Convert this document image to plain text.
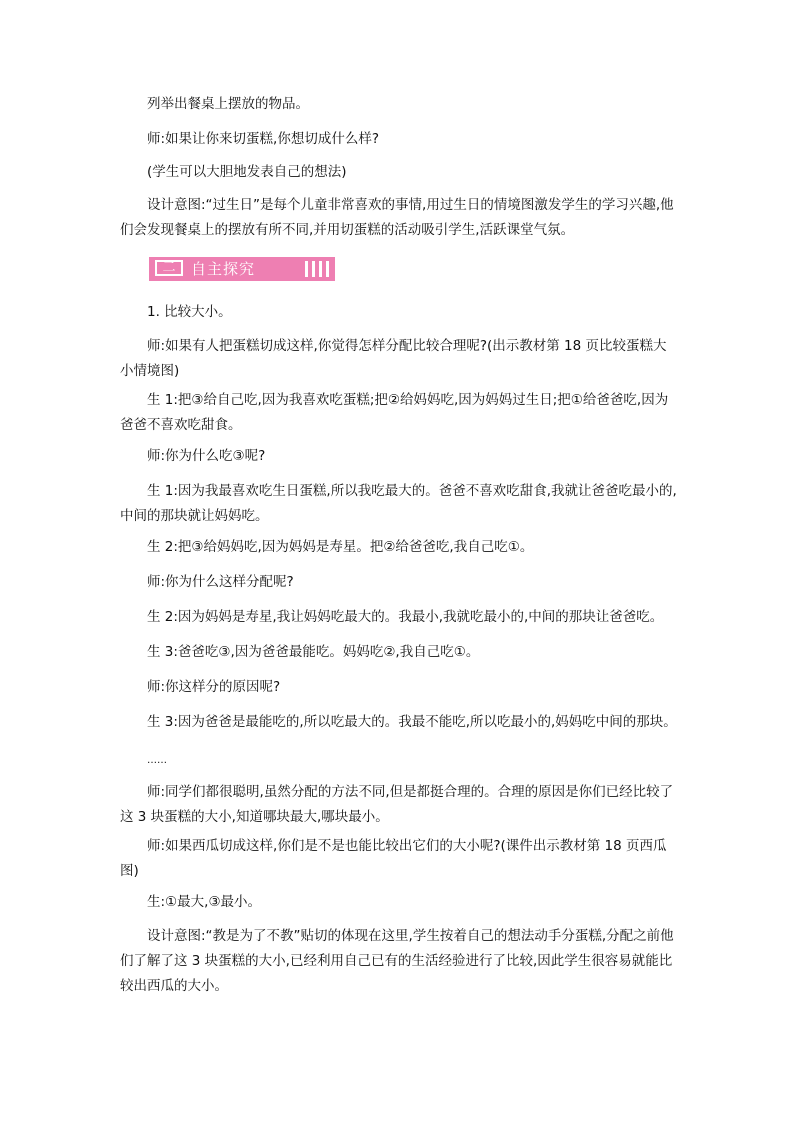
列举出餐桌上摆放的物品。

师:如果让你来切蛋糕,你想切成什么样?

(学生可以大胆地发表自己的想法)

设计意图:“过生日”是每个儿童非常喜欢的事情,用过生日的情境图激发学生的学习兴趣,他们会发现餐桌上的摆放有所不同,并用切蛋糕的活动吸引学生,活跃课堂气氛。

二	自主探究

1. 比较大小。

师:如果有人把蛋糕切成这样,你觉得怎样分配比较合理呢?(出示教材第 18 页比较蛋糕大小情境图)

生 1:把③给自己吃,因为我喜欢吃蛋糕;把②给妈妈吃,因为妈妈过生日;把①给爸爸吃,因为爸爸不喜欢吃甜食。

师:你为什么吃③呢?

生 1:因为我最喜欢吃生日蛋糕,所以我吃最大的。爸爸不喜欢吃甜食,我就让爸爸吃最小的,中间的那块就让妈妈吃。

生 2:把③给妈妈吃,因为妈妈是寿星。把②给爸爸吃,我自己吃①。

师:你为什么这样分配呢?

生 2:因为妈妈是寿星,我让妈妈吃最大的。我最小,我就吃最小的,中间的那块让爸爸吃。

生 3:爸爸吃③,因为爸爸最能吃。妈妈吃②,我自己吃①。

师:你这样分的原因呢?

生 3:因为爸爸是最能吃的,所以吃最大的。我最不能吃,所以吃最小的,妈妈吃中间的那块。

……

师:同学们都很聪明,虽然分配的方法不同,但是都挺合理的。合理的原因是你们已经比较了这 3 块蛋糕的大小,知道哪块最大,哪块最小。

师:如果西瓜切成这样,你们是不是也能比较出它们的大小呢?(课件出示教材第 18 页西瓜图)

生:①最大,③最小。

设计意图:“教是为了不教”贴切的体现在这里,学生按着自己的想法动手分蛋糕,分配之前他们了解了这 3 块蛋糕的大小,已经利用自己已有的生活经验进行了比较,因此学生很容易就能比较出西瓜的大小。
